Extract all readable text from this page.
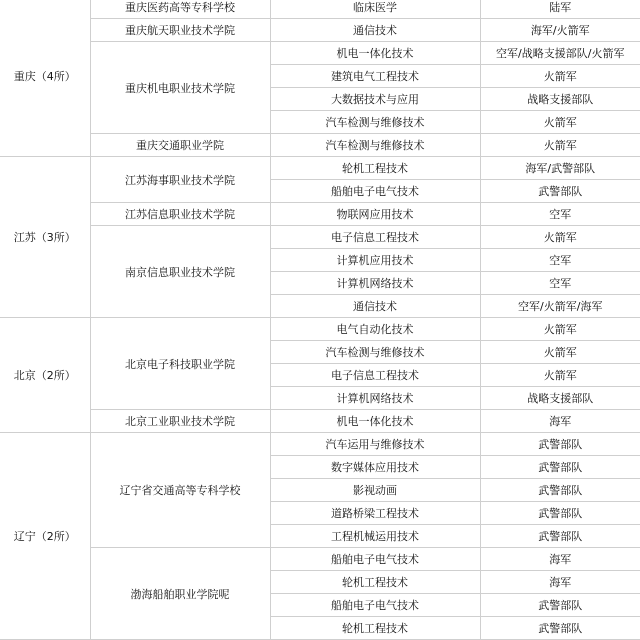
重庆（4所）	重庆医药高等专科学校	临床医学	陆军
	重庆航天职业技术学院	通信技术	海军/火箭军
	重庆机电职业技术学院	机电一体化技术	空军/战略支援部队/火箭军
		建筑电气工程技术	火箭军
		大数据技术与应用	战略支援部队
		汽车检测与维修技术	火箭军
	重庆交通职业学院	汽车检测与维修技术	火箭军
江苏（3所）	江苏海事职业技术学院	轮机工程技术	海军/武警部队
		船舶电子电气技术	武警部队
	江苏信息职业技术学院	物联网应用技术	空军
	南京信息职业技术学院	电子信息工程技术	火箭军
		计算机应用技术	空军
		计算机网络技术	空军
		通信技术	空军/火箭军/海军
北京（2所）	北京电子科技职业学院	电气自动化技术	火箭军
		汽车检测与维修技术	火箭军
		电子信息工程技术	火箭军
		计算机网络技术	战略支援部队
	北京工业职业技术学院	机电一体化技术	海军
辽宁（2所）	辽宁省交通高等专科学校	汽车运用与维修技术	武警部队
		数字媒体应用技术	武警部队
		影视动画	武警部队
		道路桥梁工程技术	武警部队
		工程机械运用技术	武警部队
	渤海船舶职业学院呢	船舶电子电气技术	海军
		轮机工程技术	海军
		船舶电子电气技术	武警部队
		轮机工程技术	武警部队
